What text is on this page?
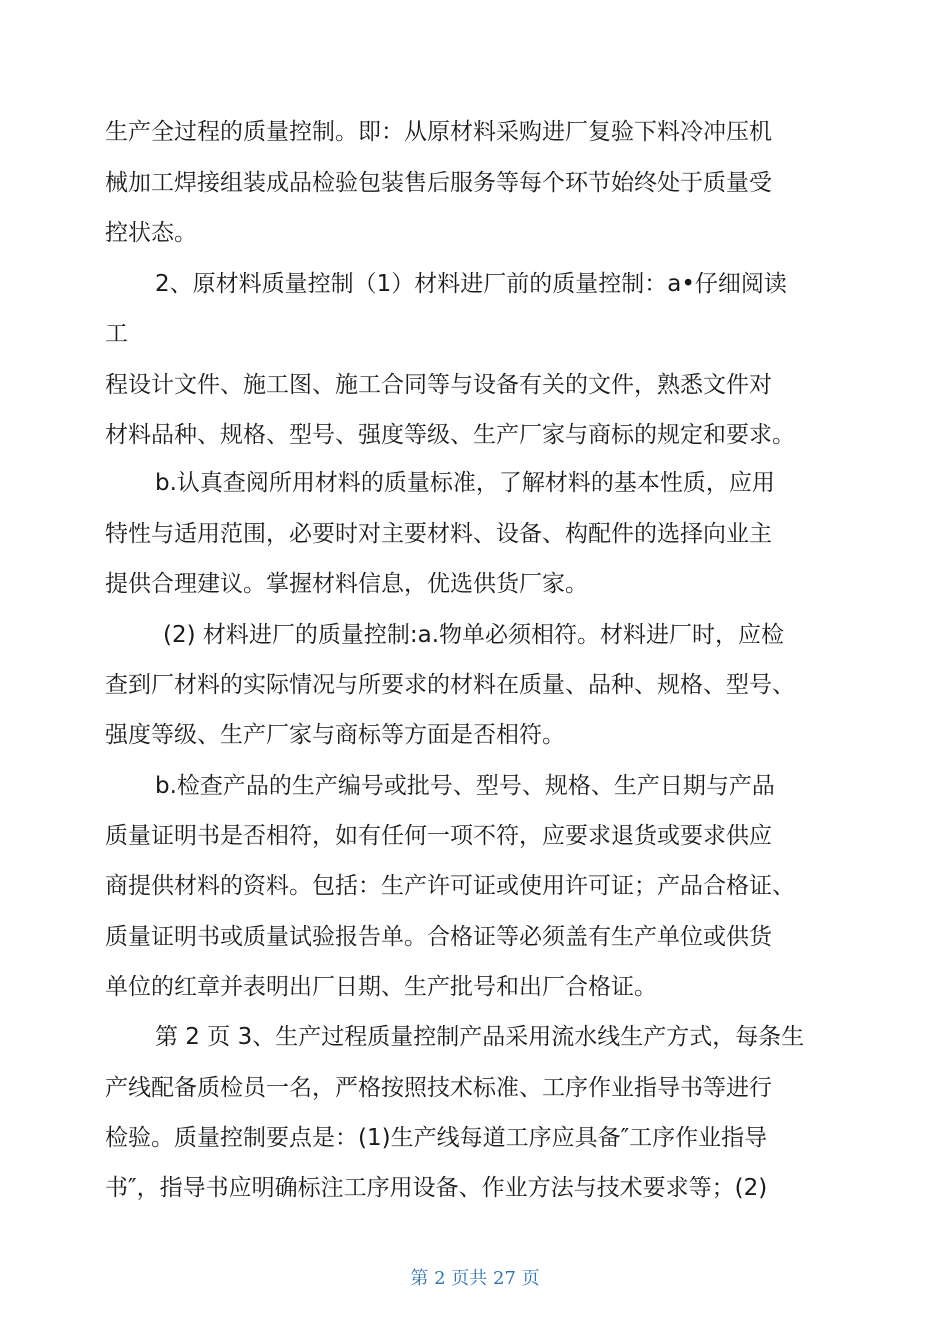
生产全过程的质量控制。即：从原材料采购进厂复验下料冷冲压机

械加工焊接组装成品检验包装售后服务等每个环节始终处于质量受

控状态。

2、原材料质量控制（1）材料进厂前的质量控制：a•仔细阅读

工

程设计文件、施工图、施工合同等与设备有关的文件，熟悉文件对

材料品种、规格、型号、强度等级、生产厂家与商标的规定和要求。

b.认真查阅所用材料的质量标准，了解材料的基本性质，应用

特性与适用范围，必要时对主要材料、设备、构配件的选择向业主

提供合理建议。掌握材料信息，优选供货厂家。

(2) 材料进厂的质量控制:a.物单必须相符。材料进厂时，应检

查到厂材料的实际情况与所要求的材料在质量、品种、规格、型号、

强度等级、生产厂家与商标等方面是否相符。

b.检查产品的生产编号或批号、型号、规格、生产日期与产品

质量证明书是否相符，如有任何一项不符，应要求退货或要求供应

商提供材料的资料。包括：生产许可证或使用许可证；产品合格证、

质量证明书或质量试验报告单。合格证等必须盖有生产单位或供货

单位的红章并表明出厂日期、生产批号和出厂合格证。

第 2 页 3、生产过程质量控制产品采用流水线生产方式，每条生

产线配备质检员一名，严格按照技术标准、工序作业指导书等进行

检验。质量控制要点是：(1)生产线每道工序应具备″工序作业指导

书″，指导书应明确标注工序用设备、作业方法与技术要求等；(2)

第 2 页共 27 页
